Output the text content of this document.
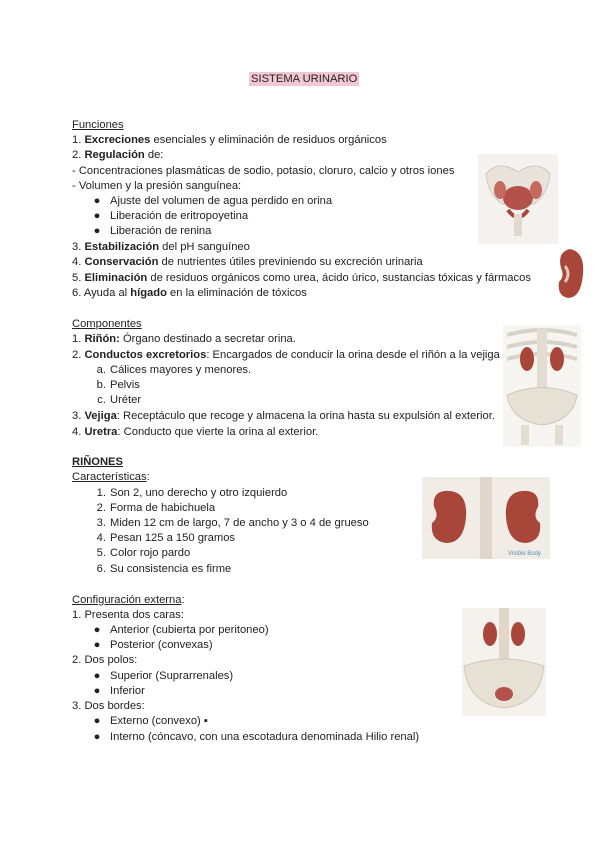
SISTEMA URINARIO
Funciones
1. Excreciones esenciales y eliminación de residuos orgánicos
2. Regulación de:
- Concentraciones plasmáticas de sodio, potasio, cloruro, calcio y otros iones
- Volumen y la presión sanguínea:
● Ajuste del volumen de agua perdido en orina
● Liberación de eritropoyetina
● Liberación de renina
3. Estabilización del pH sanguíneo
4. Conservación de nutrientes útiles previniendo su excreción urinaria
5. Eliminación de residuos orgánicos como urea, ácido úrico, sustancias tóxicas y fármacos
6. Ayuda al hígado en la eliminación de tóxicos
Componentes
1. Riñón: Órgano destinado a secretar orina.
2. Conductos excretorios: Encargados de conducir la orina desde el riñón a la vejiga
a. Cálices mayores y menores.
b. Pelvis
c. Uréter
3. Vejiga: Receptáculo que recoge y almacena la orina hasta su expulsión al exterior.
4. Uretra: Conducto que vierte la orina al exterior.
RIÑONES
Características:
1. Son 2, uno derecho y otro izquierdo
2. Forma de habichuela
3. Miden 12 cm de largo, 7 de ancho y 3 o 4 de grueso
4. Pesan 125 a 150 gramos
5. Color rojo pardo
6. Su consistencia es firme
Configuración externa:
1. Presenta dos caras:
● Anterior (cubierta por peritoneo)
● Posterior (convexas)
2. Dos polos:
● Superior (Suprarrenales)
● Inferior
3. Dos bordes:
● Externo (convexo) ▪
● Interno (cóncavo, con una escotadura denominada Hilio renal)
Visible Body
